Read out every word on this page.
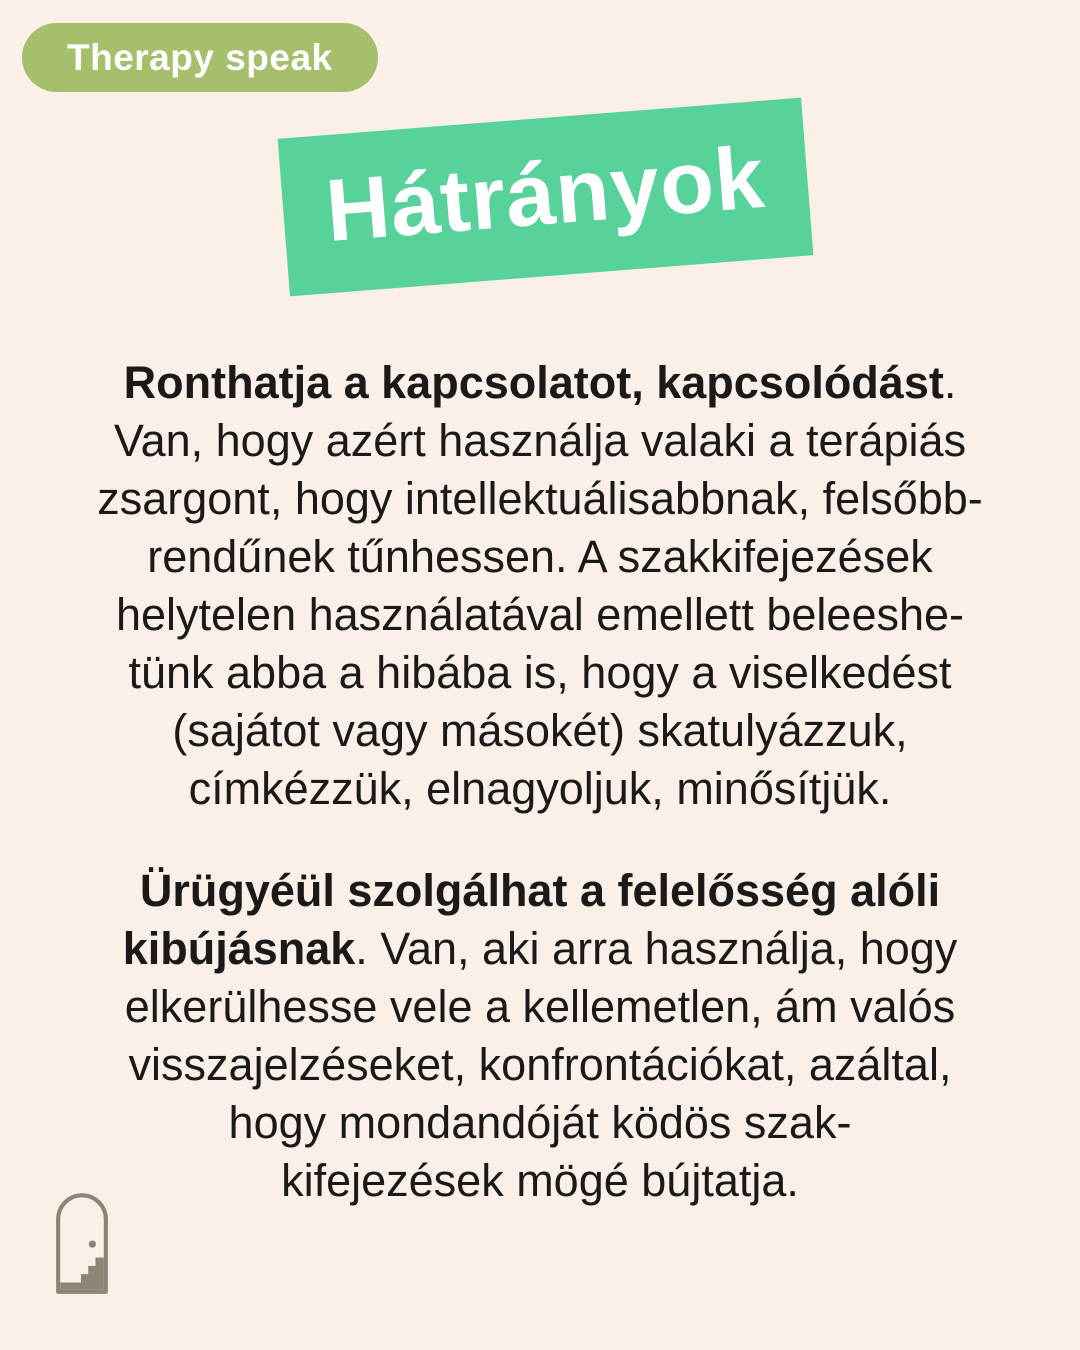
Therapy speak
Hátrányok
Ronthatja a kapcsolatot, kapcsolódást.
Van, hogy azért használja valaki a terápiás
zsargont, hogy intellektuálisabbnak, felsőbb-
rendűnek tűnhessen. A szakkifejezések
helytelen használatával emellett beleeshe-
tünk abba a hibába is, hogy a viselkedést
(sajátot vagy másokét) skatulyázzuk,
címkézzük, elnagyoljuk, minősítjük.
Ürügyéül szolgálhat a felelősség alóli
kibújásnak. Van, aki arra használja, hogy
elkerülhesse vele a kellemetlen, ám valós
visszajelzéseket, konfrontációkat, azáltal,
hogy mondandóját ködös szak-
kifejezések mögé bújtatja.
